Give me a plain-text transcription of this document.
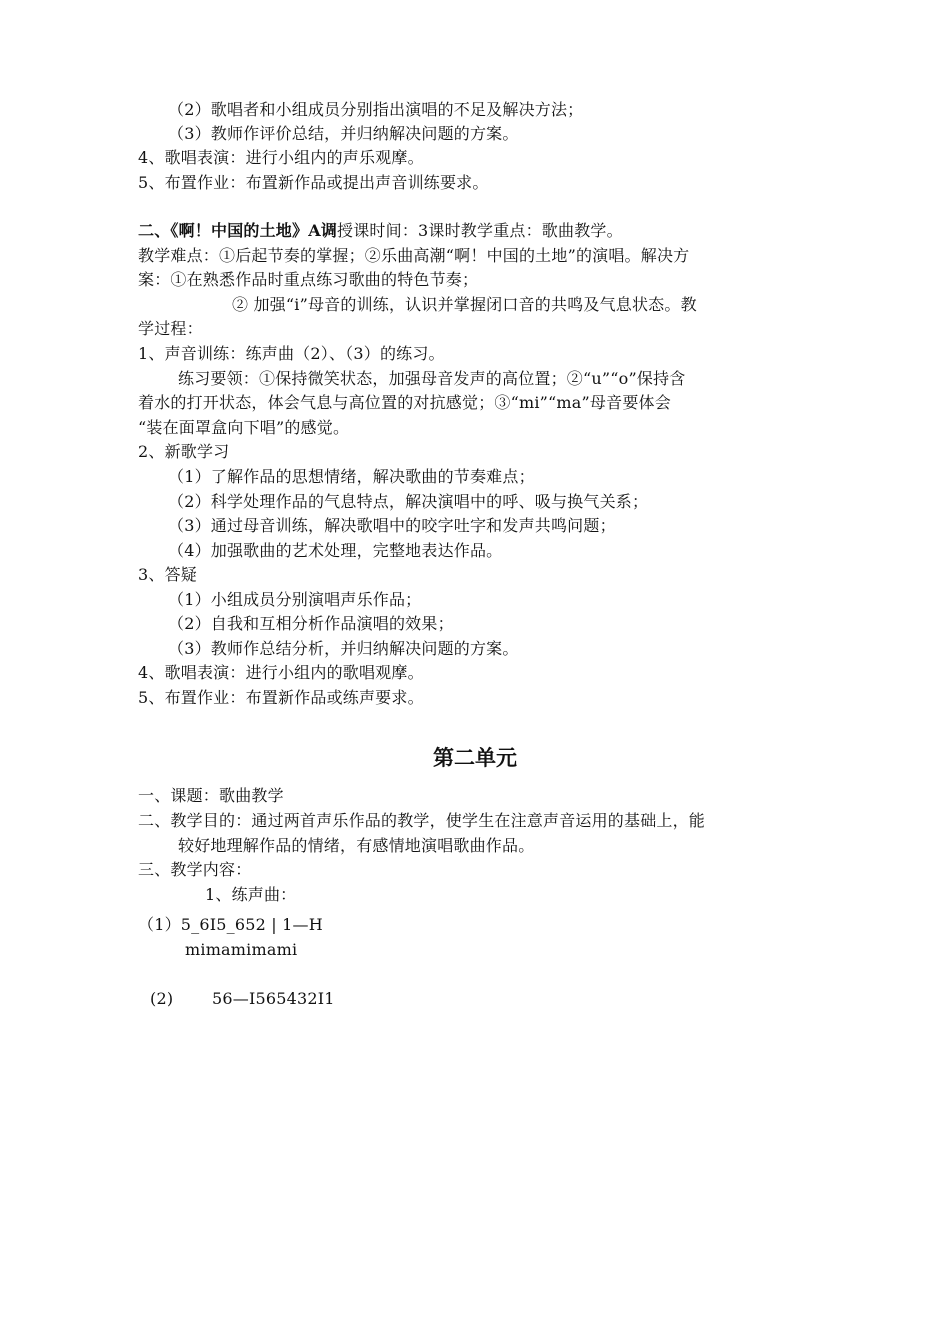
（2）歌唱者和小组成员分别指出演唱的不足及解决方法；
（3）教师作评价总结，并归纳解决问题的方案。
4、歌唱表演：进行小组内的声乐观摩。
5、布置作业：布置新作品或提出声音训练要求。
二、《啊！中国的土地》A调授课时间：3课时教学重点：歌曲教学。
教学难点：①后起节奏的掌握；②乐曲高潮“啊！中国的土地”的演唱。解决方
案：①在熟悉作品时重点练习歌曲的特色节奏；
② 加强“i”母音的训练，认识并掌握闭口音的共鸣及气息状态。教
学过程：
1、声音训练：练声曲（2）、（3）的练习。
练习要领：①保持微笑状态，加强母音发声的高位置；②“u”“o”保持含
着水的打开状态，体会气息与高位置的对抗感觉；③“mi”“ma”母音要体会
“装在面罩盒向下唱”的感觉。
2、新歌学习
（1）了解作品的思想情绪，解决歌曲的节奏难点；
（2）科学处理作品的气息特点，解决演唱中的呼、吸与换气关系；
（3）通过母音训练，解决歌唱中的咬字吐字和发声共鸣问题；
（4）加强歌曲的艺术处理，完整地表达作品。
3、答疑
（1）小组成员分别演唱声乐作品；
（2）自我和互相分析作品演唱的效果；
（3）教师作总结分析，并归纳解决问题的方案。
4、歌唱表演：进行小组内的歌唱观摩。
5、布置作业：布置新作品或练声要求。
第二单元
一、课题：歌曲教学
二、教学目的：通过两首声乐作品的教学，使学生在注意声音运用的基础上，能
较好地理解作品的情绪，有感情地演唱歌曲作品。
三、教学内容：
1、练声曲：
（1）5_6I5_652 | 1—H
mimamimami
(2) 56—I565432I1
